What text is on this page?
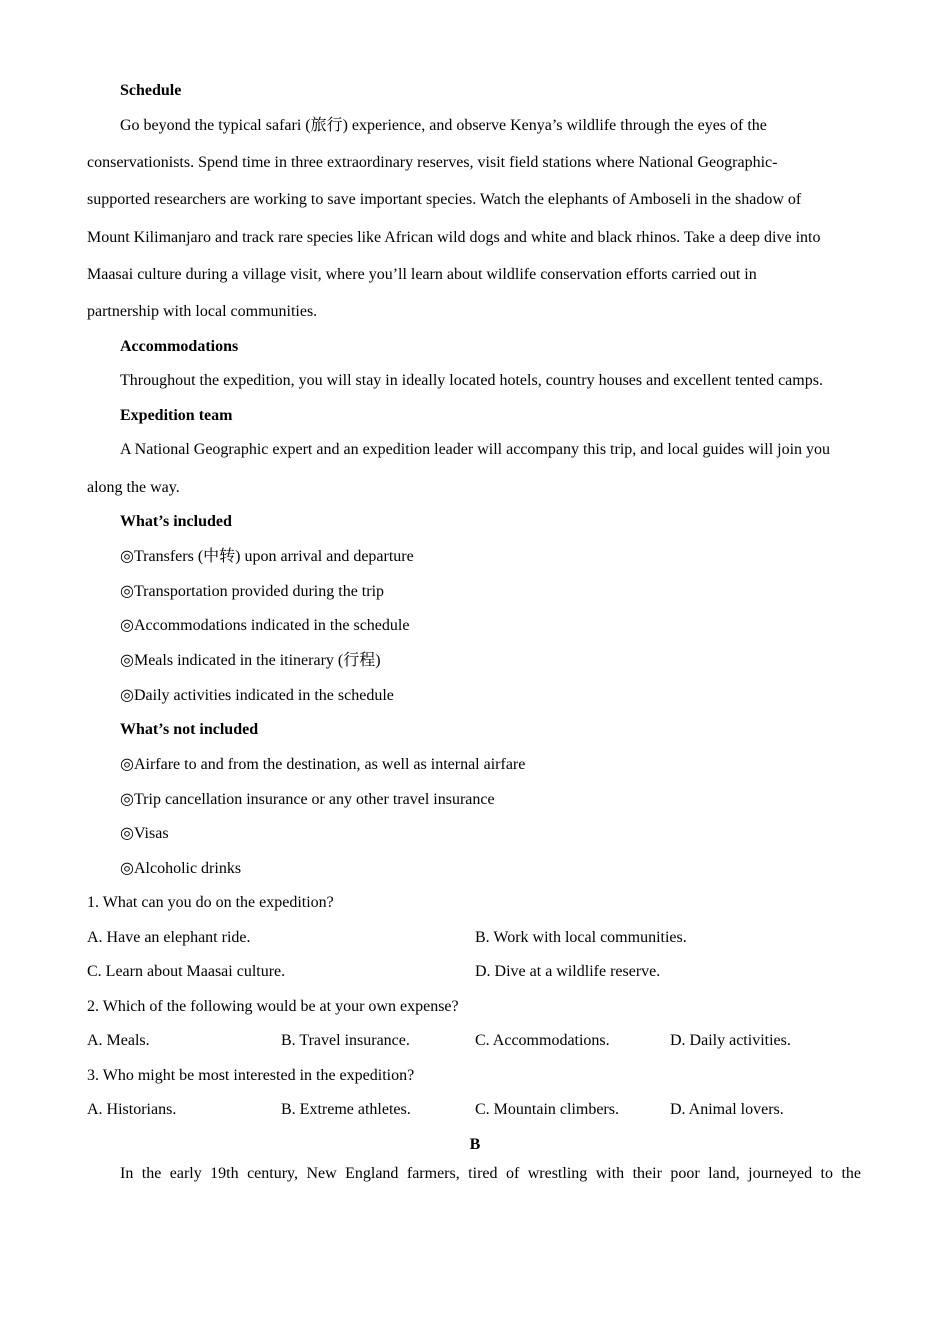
Schedule
Go beyond the typical safari (旅行) experience, and observe Kenya’s wildlife through the eyes of the
conservationists. Spend time in three extraordinary reserves, visit field stations where National Geographic-
supported researchers are working to save important species. Watch the elephants of Amboseli in the shadow of
Mount Kilimanjaro and track rare species like African wild dogs and white and black rhinos. Take a deep dive into
Maasai culture during a village visit, where you’ll learn about wildlife conservation efforts carried out in
partnership with local communities.
Accommodations
Throughout the expedition, you will stay in ideally located hotels, country houses and excellent tented camps.
Expedition team
A National Geographic expert and an expedition leader will accompany this trip, and local guides will join you
along the way.
What’s included
◎Transfers (中转) upon arrival and departure
◎Transportation provided during the trip
◎Accommodations indicated in the schedule
◎Meals indicated in the itinerary (行程)
◎Daily activities indicated in the schedule
What’s not included
◎Airfare to and from the destination, as well as internal airfare
◎Trip cancellation insurance or any other travel insurance
◎Visas
◎Alcoholic drinks
1. What can you do on the expedition?
A. Have an elephant ride.	B. Work with local communities.
C. Learn about Maasai culture.	D. Dive at a wildlife reserve.
2. Which of the following would be at your own expense?
A. Meals.	B. Travel insurance.	C. Accommodations.	D. Daily activities.
3. Who might be most interested in the expedition?
A. Historians.	B. Extreme athletes.	C. Mountain climbers.	D. Animal lovers.
B
In the early 19th century, New England farmers, tired of wrestling with their poor land, journeyed to the
